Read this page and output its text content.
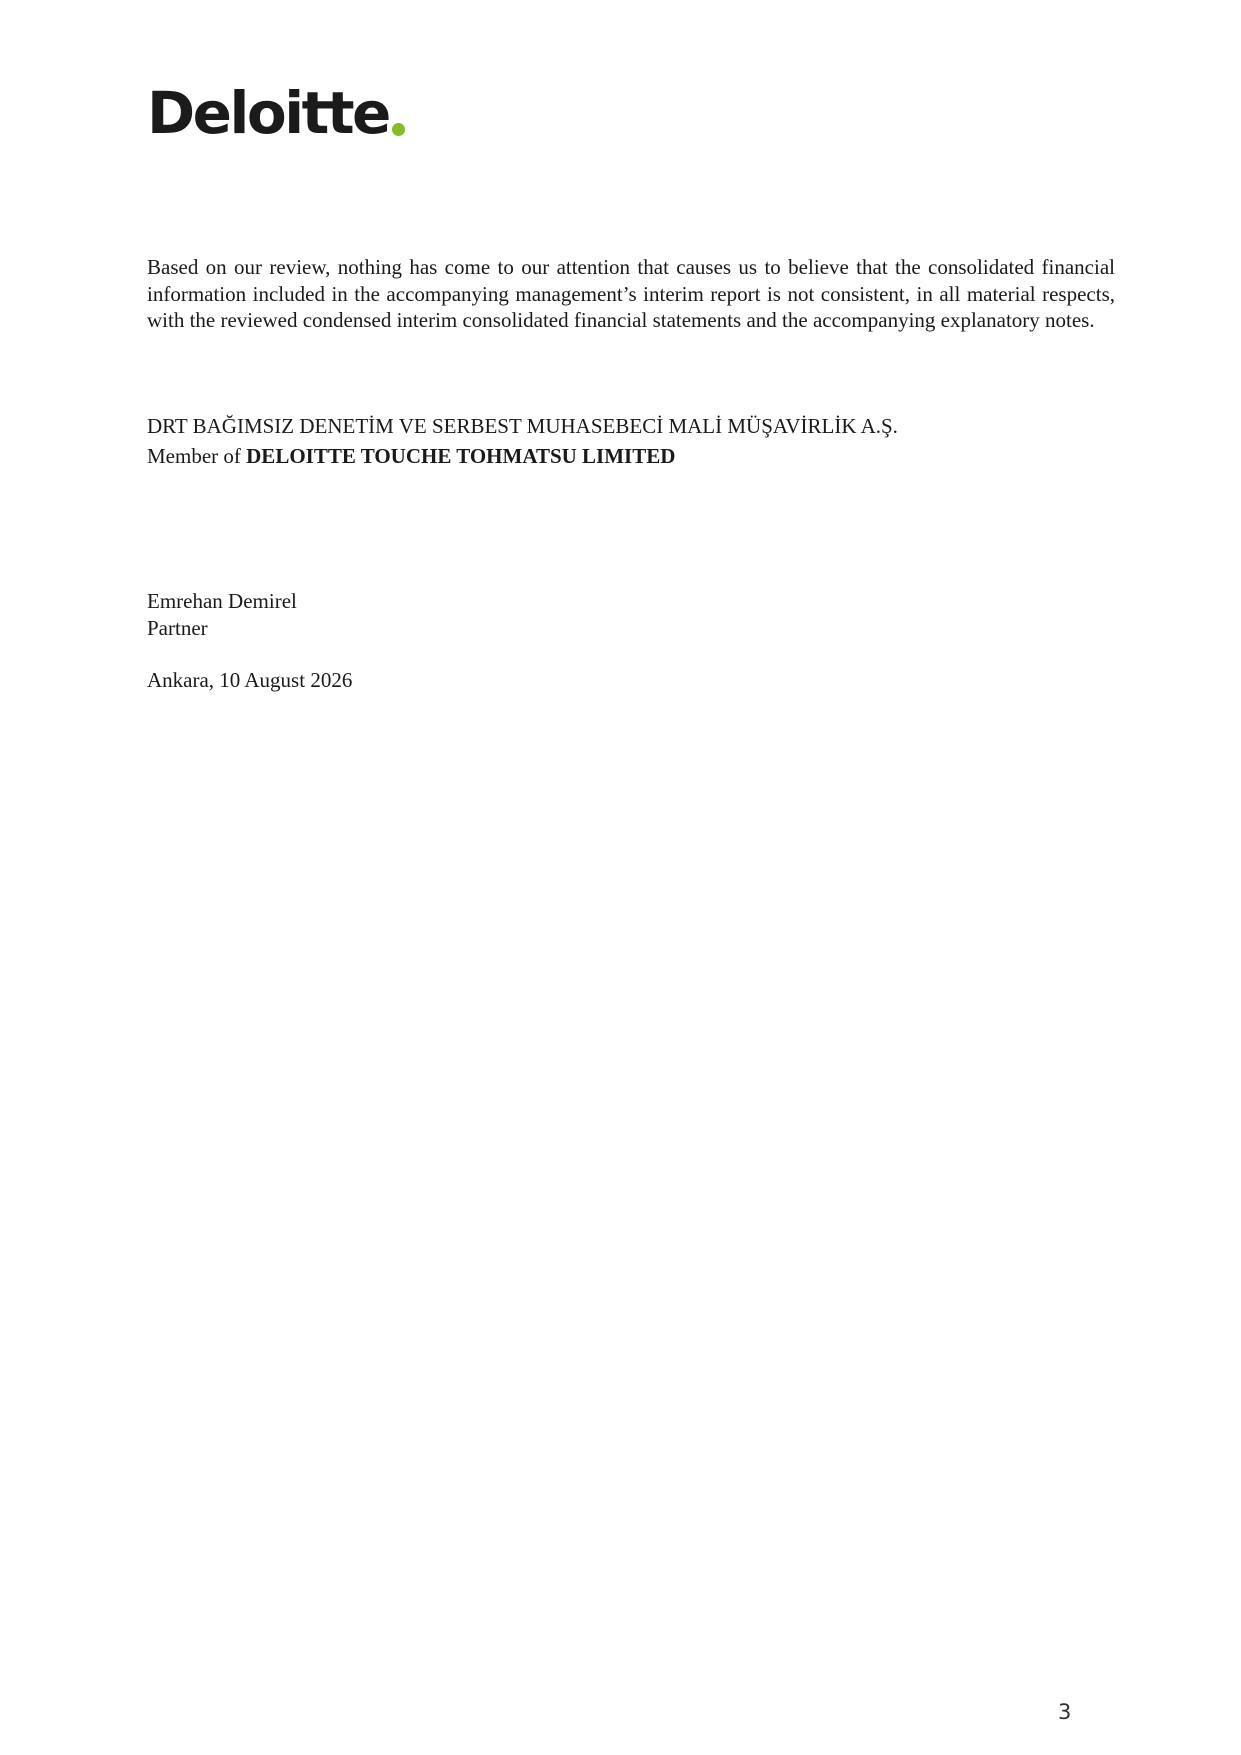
Deloitte

Based on our review, nothing has come to our attention that causes us to believe that the consolidated financial information included in the accompanying management’s interim report is not consistent, in all material respects, with the reviewed condensed interim consolidated financial statements and the accompanying explanatory notes.

DRT BAĞIMSIZ DENETİM VE SERBEST MUHASEBECİ MALİ MÜŞAVİRLİK A.Ş.
Member of DELOITTE TOUCHE TOHMATSU LIMITED
Emrehan Demirel
Partner
Ankara, 10 August 2026
3
